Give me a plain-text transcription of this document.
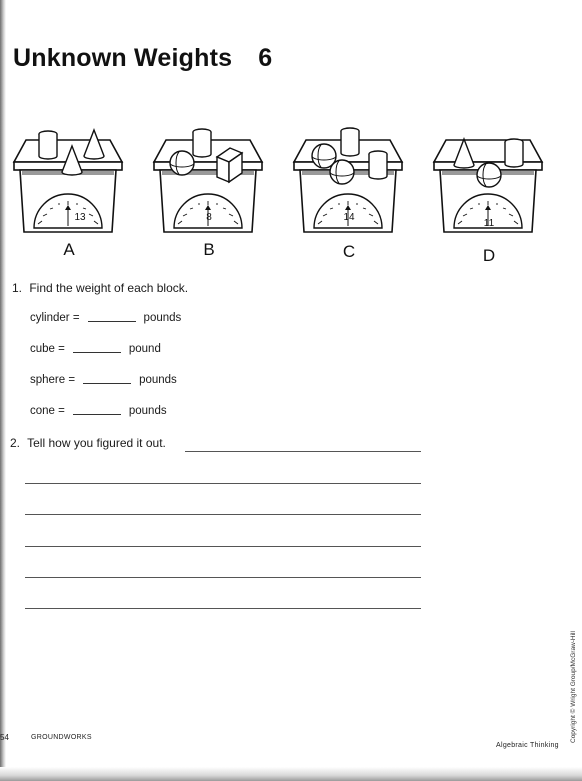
Unknown Weights 6
13	8	14
11
A	B	C	D
1. Find the weight of each block.
cylinder =	pounds
cube =	pound
sphere =	pounds
cone =	pounds
2. Tell how you figured it out.
54	GROUNDWORKS
Algebraic Thinking
Copyright © Wright Group/McGraw-Hill
